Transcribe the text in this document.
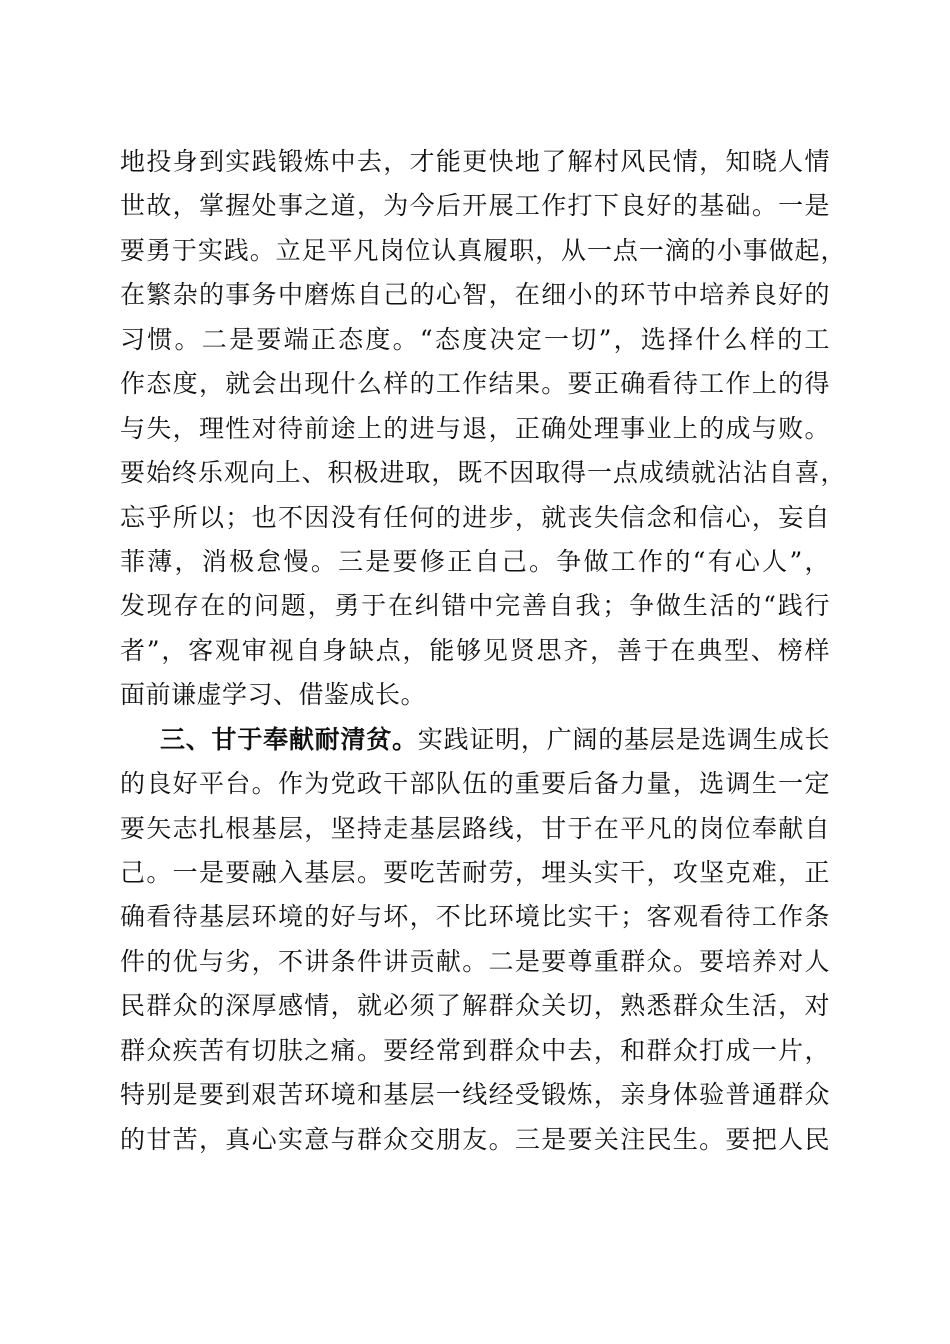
地投身到实践锻炼中去，才能更快地了解村风民情，知晓人情
世故，掌握处事之道，为今后开展工作打下良好的基础。一是
要勇于实践。立足平凡岗位认真履职，从一点一滴的小事做起，
在繁杂的事务中磨炼自己的心智，在细小的环节中培养良好的
习惯。二是要端正态度。“态度决定一切”，选择什么样的工
作态度，就会出现什么样的工作结果。要正确看待工作上的得
与失，理性对待前途上的进与退，正确处理事业上的成与败。
要始终乐观向上、积极进取，既不因取得一点成绩就沾沾自喜，
忘乎所以；也不因没有任何的进步，就丧失信念和信心，妄自
菲薄，消极怠慢。三是要修正自己。争做工作的“有心人”，
发现存在的问题，勇于在纠错中完善自我；争做生活的“践行
者”，客观审视自身缺点，能够见贤思齐，善于在典型、榜样
面前谦虚学习、借鉴成长。
三、甘于奉献耐清贫。实践证明，广阔的基层是选调生成长
的良好平台。作为党政干部队伍的重要后备力量，选调生一定
要矢志扎根基层，坚持走基层路线，甘于在平凡的岗位奉献自
己。一是要融入基层。要吃苦耐劳，埋头实干，攻坚克难，正
确看待基层环境的好与坏，不比环境比实干；客观看待工作条
件的优与劣，不讲条件讲贡献。二是要尊重群众。要培养对人
民群众的深厚感情，就必须了解群众关切，熟悉群众生活，对
群众疾苦有切肤之痛。要经常到群众中去，和群众打成一片，
特别是要到艰苦环境和基层一线经受锻炼，亲身体验普通群众
的甘苦，真心实意与群众交朋友。三是要关注民生。要把人民
